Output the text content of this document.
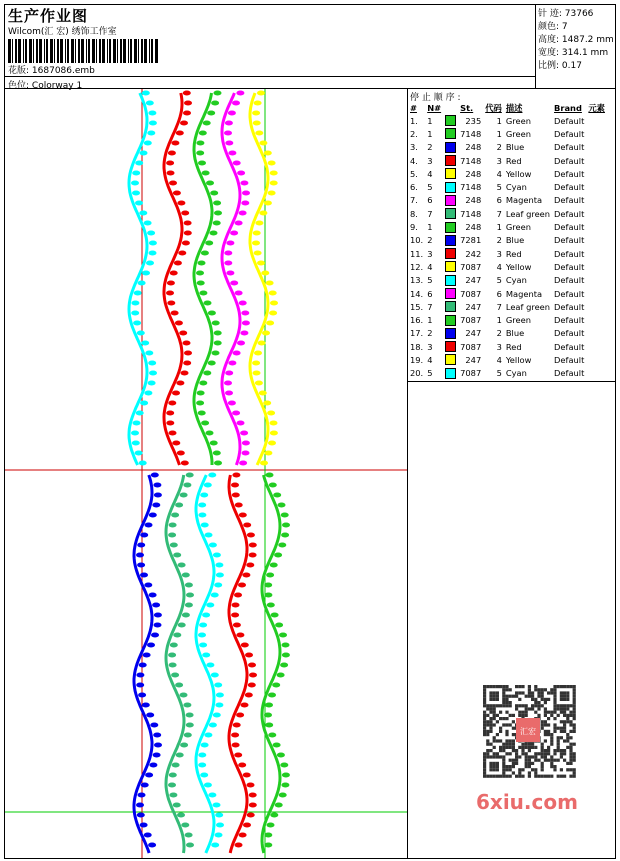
生产作业图
Wilcom(汇 宏) 绣饰工作室
花版: 1687086.emb
色位: Colorway 1
针 迹: 73766
颜色: 7
高度: 1487.2 mm
宽度: 314.1 mm
比例: 0.17
停 止 顺 序 :
#	N#		St.	代码	描述	Brand	元素
1.	1		235	1	Green	Default	
2.	1		7148	1	Green	Default	
3.	2		248	2	Blue	Default	
4.	3		7148	3	Red	Default	
5.	4		248	4	Yellow	Default	
6.	5		7148	5	Cyan	Default	
7.	6		248	6	Magenta	Default	
8.	7		7148	7	Leaf green	Default	
9.	1		248	1	Green	Default	
10.	2		7281	2	Blue	Default	
11.	3		242	3	Red	Default	
12.	4		7087	4	Yellow	Default	
13.	5		247	5	Cyan	Default	
14.	6		7087	6	Magenta	Default	
15.	7		247	7	Leaf green	Default	
16.	1		7087	1	Green	Default	
17.	2		247	2	Blue	Default	
18.	3		7087	3	Red	Default	
19.	4		247	4	Yellow	Default	
20.	5		7087	5	Cyan	Default	
汇宏
6xiu.com
